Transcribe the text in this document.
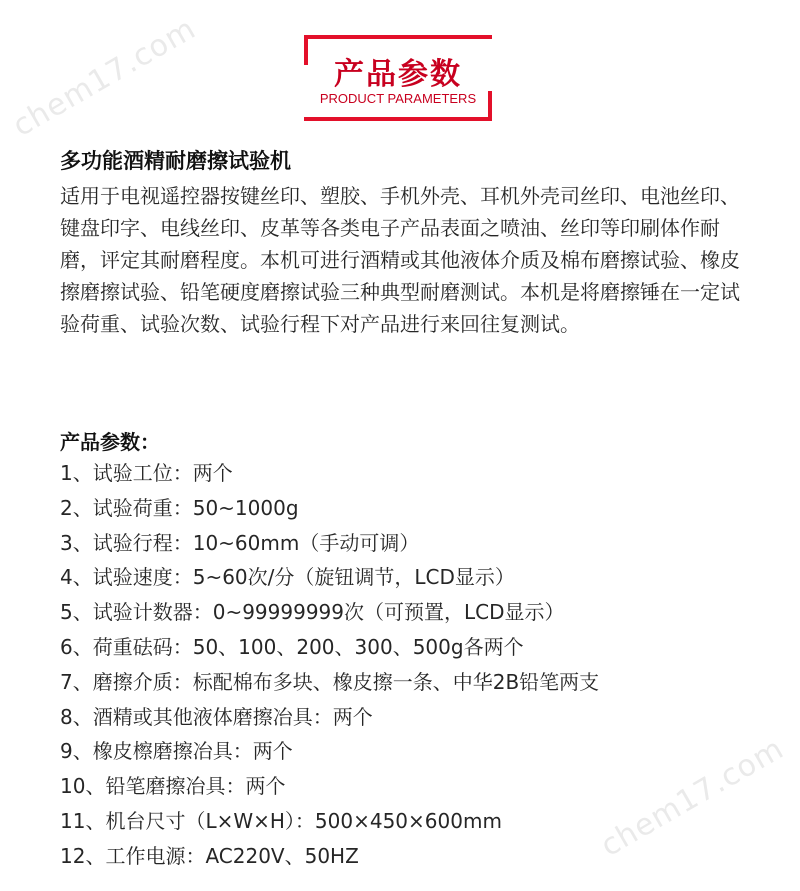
chem17.com
chem17.com
产品参数
PRODUCT PARAMETERS
多功能酒精耐磨擦试验机
适用于电视遥控器按键丝印、塑胶、手机外壳、耳机外壳司丝印、电池丝印、键盘印字、电线丝印、皮革等各类电子产品表面之喷油、丝印等印刷体作耐磨，评定其耐磨程度。本机可进行酒精或其他液体介质及棉布磨擦试验、橡皮擦磨擦试验、铅笔硬度磨擦试验三种典型耐磨测试。本机是将磨擦锤在一定试验荷重、试验次数、试验行程下对产品进行来回往复测试。
产品参数：
1、试验工位：两个
2、试验荷重：50~1000g
3、试验行程：10~60mm（手动可调）
4、试验速度：5~60次/分（旋钮调节，LCD显示）
5、试验计数器：0~99999999次（可预置，LCD显示）
6、荷重砝码：50、100、200、300、500g各两个
7、磨擦介质：标配棉布多块、橡皮擦一条、中华2B铅笔两支
8、酒精或其他液体磨擦冶具：两个
9、橡皮檫磨擦冶具：两个
10、铅笔磨擦冶具：两个
11、机台尺寸（L×W×H）：500×450×600mm
12、工作电源：AC220V、50HZ
